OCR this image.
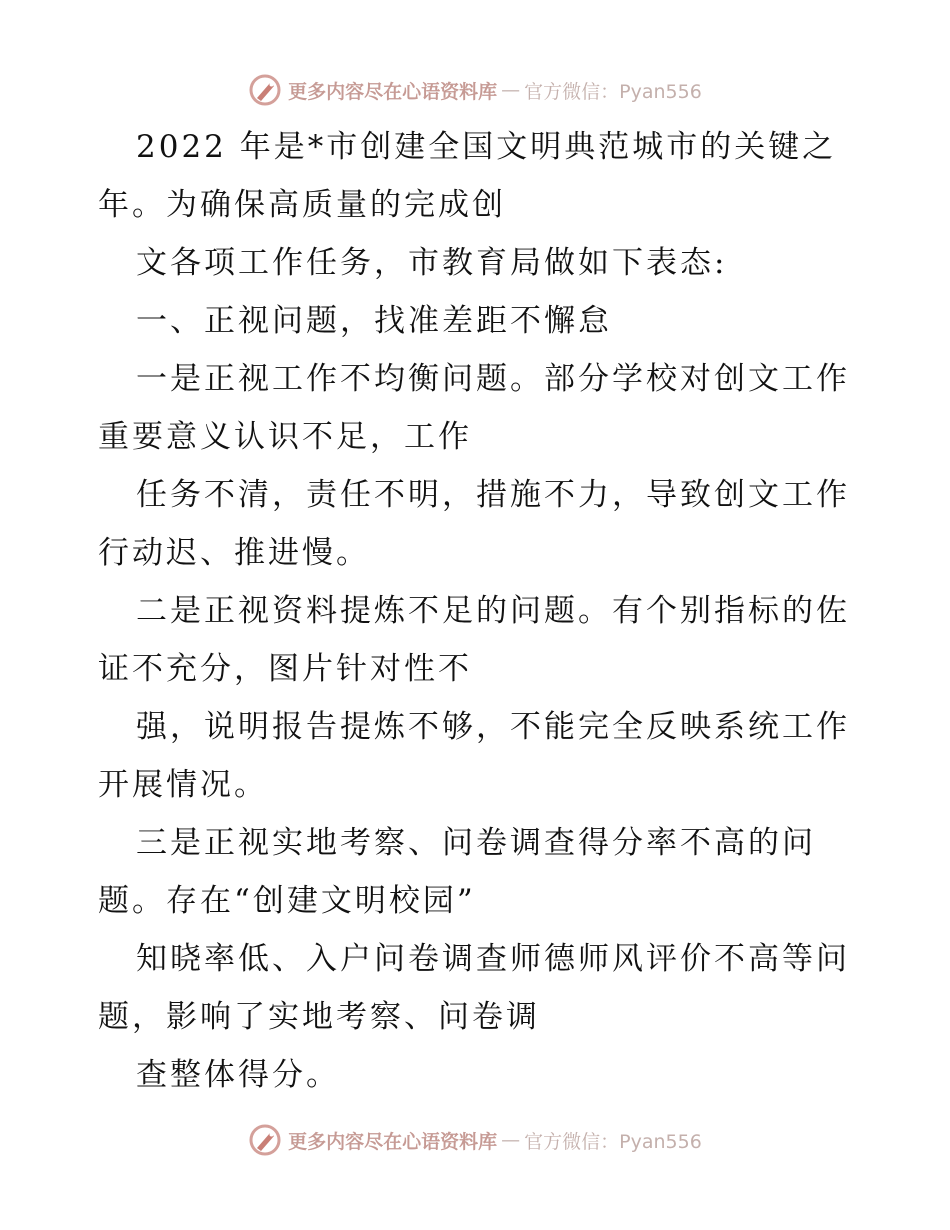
更多内容尽在心语资料库 — 官方微信：Pyan556
2022 年是*市创建全国文明典范城市的关键之
年。为确保高质量的完成创
文各项工作任务，市教育局做如下表态:
一、正视问题，找准差距不懈怠
一是正视工作不均衡问题。部分学校对创文工作
重要意义认识不足，工作
任务不清，责任不明，措施不力，导致创文工作
行动迟、推进慢。
二是正视资料提炼不足的问题。有个别指标的佐
证不充分，图片针对性不
强，说明报告提炼不够，不能完全反映系统工作
开展情况。
三是正视实地考察、问卷调查得分率不高的问
题。存在“创建文明校园”
知晓率低、入户问卷调查师德师风评价不高等问
题，影响了实地考察、问卷调
查整体得分。
更多内容尽在心语资料库 — 官方微信：Pyan556
